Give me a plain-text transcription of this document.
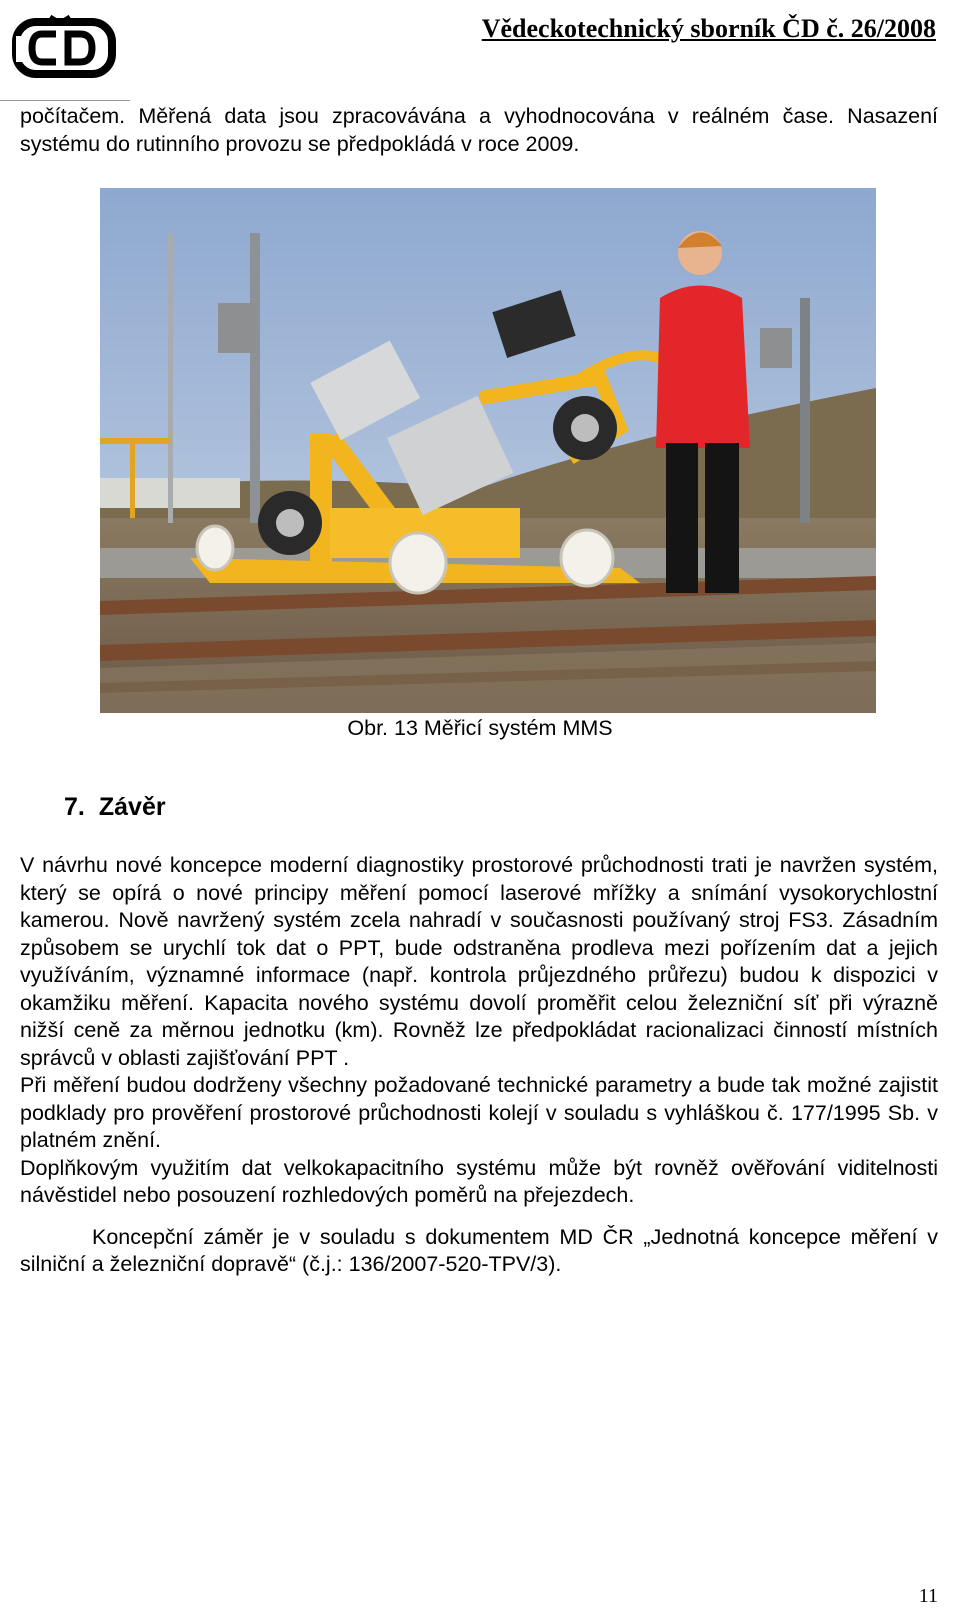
Vědeckotechnický sborník ČD č. 26/2008
počítačem. Měřená data jsou zpracovávána a vyhodnocována v reálném čase. Nasazení systému do rutinního provozu se předpokládá v roce 2009.
Obr. 13 Měřicí systém MMS
7. Závěr

V návrhu nové koncepce moderní diagnostiky prostorové průchodnosti trati je navržen systém, který se opírá o nové principy měření pomocí laserové mřížky a snímání vysokorychlostní kamerou. Nově navržený systém zcela nahradí v současnosti používaný stroj FS3. Zásadním způsobem se urychlí tok dat o PPT, bude odstraněna prodleva mezi pořízením dat a jejich využíváním, významné informace (např. kontrola průjezdného průřezu) budou k dispozici v okamžiku měření. Kapacita nového systému dovolí proměřit celou železniční síť při výrazně nižší ceně za měrnou jednotku (km). Rovněž lze předpokládat racionalizaci činností místních správců v oblasti zajišťování PPT .

Při měření budou dodrženy všechny požadované technické parametry a bude tak možné zajistit podklady pro prověření prostorové průchodnosti kolejí v souladu s vyhláškou č. 177/1995 Sb. v platném znění.

Doplňkovým využitím dat velkokapacitního systému může být rovněž ověřování viditelnosti návěstidel nebo posouzení rozhledových poměrů na přejezdech.

Koncepční záměr je v souladu s dokumentem MD ČR „Jednotná koncepce měření v silniční a železniční dopravě“ (č.j.: 136/2007-520-TPV/3).

11
